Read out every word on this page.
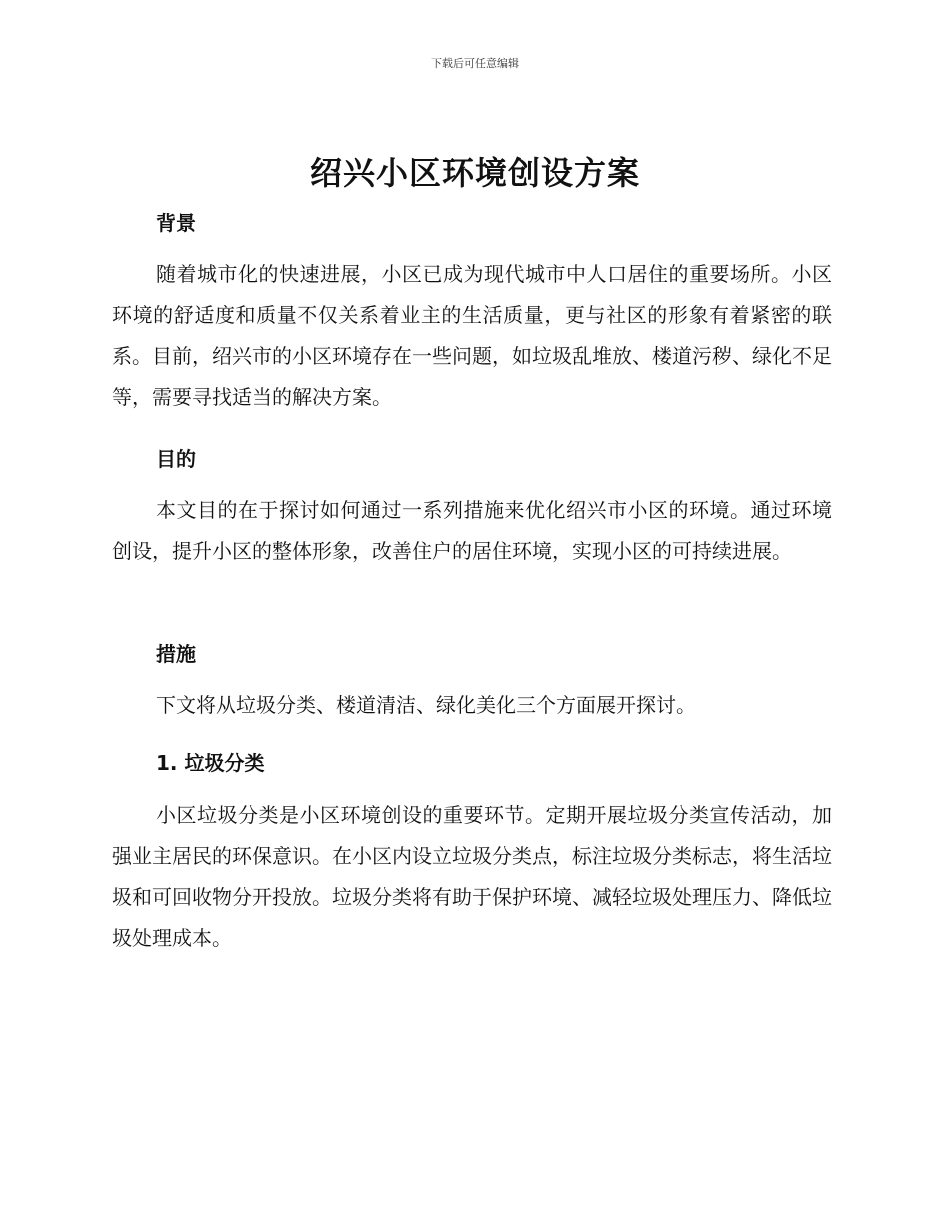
下载后可任意编辑
绍兴小区环境创设方案
背景

随着城市化的快速进展，小区已成为现代城市中人口居住的重要场所。小区环境的舒适度和质量不仅关系着业主的生活质量，更与社区的形象有着紧密的联系。目前，绍兴市的小区环境存在一些问题，如垃圾乱堆放、楼道污秽、绿化不足等，需要寻找适当的解决方案。

目的

本文目的在于探讨如何通过一系列措施来优化绍兴市小区的环境。通过环境创设，提升小区的整体形象，改善住户的居住环境，实现小区的可持续进展。

措施

下文将从垃圾分类、楼道清洁、绿化美化三个方面展开探讨。

1. 垃圾分类

小区垃圾分类是小区环境创设的重要环节。定期开展垃圾分类宣传活动，加强业主居民的环保意识。在小区内设立垃圾分类点，标注垃圾分类标志，将生活垃圾和可回收物分开投放。垃圾分类将有助于保护环境、减轻垃圾处理压力、降低垃圾处理成本。
